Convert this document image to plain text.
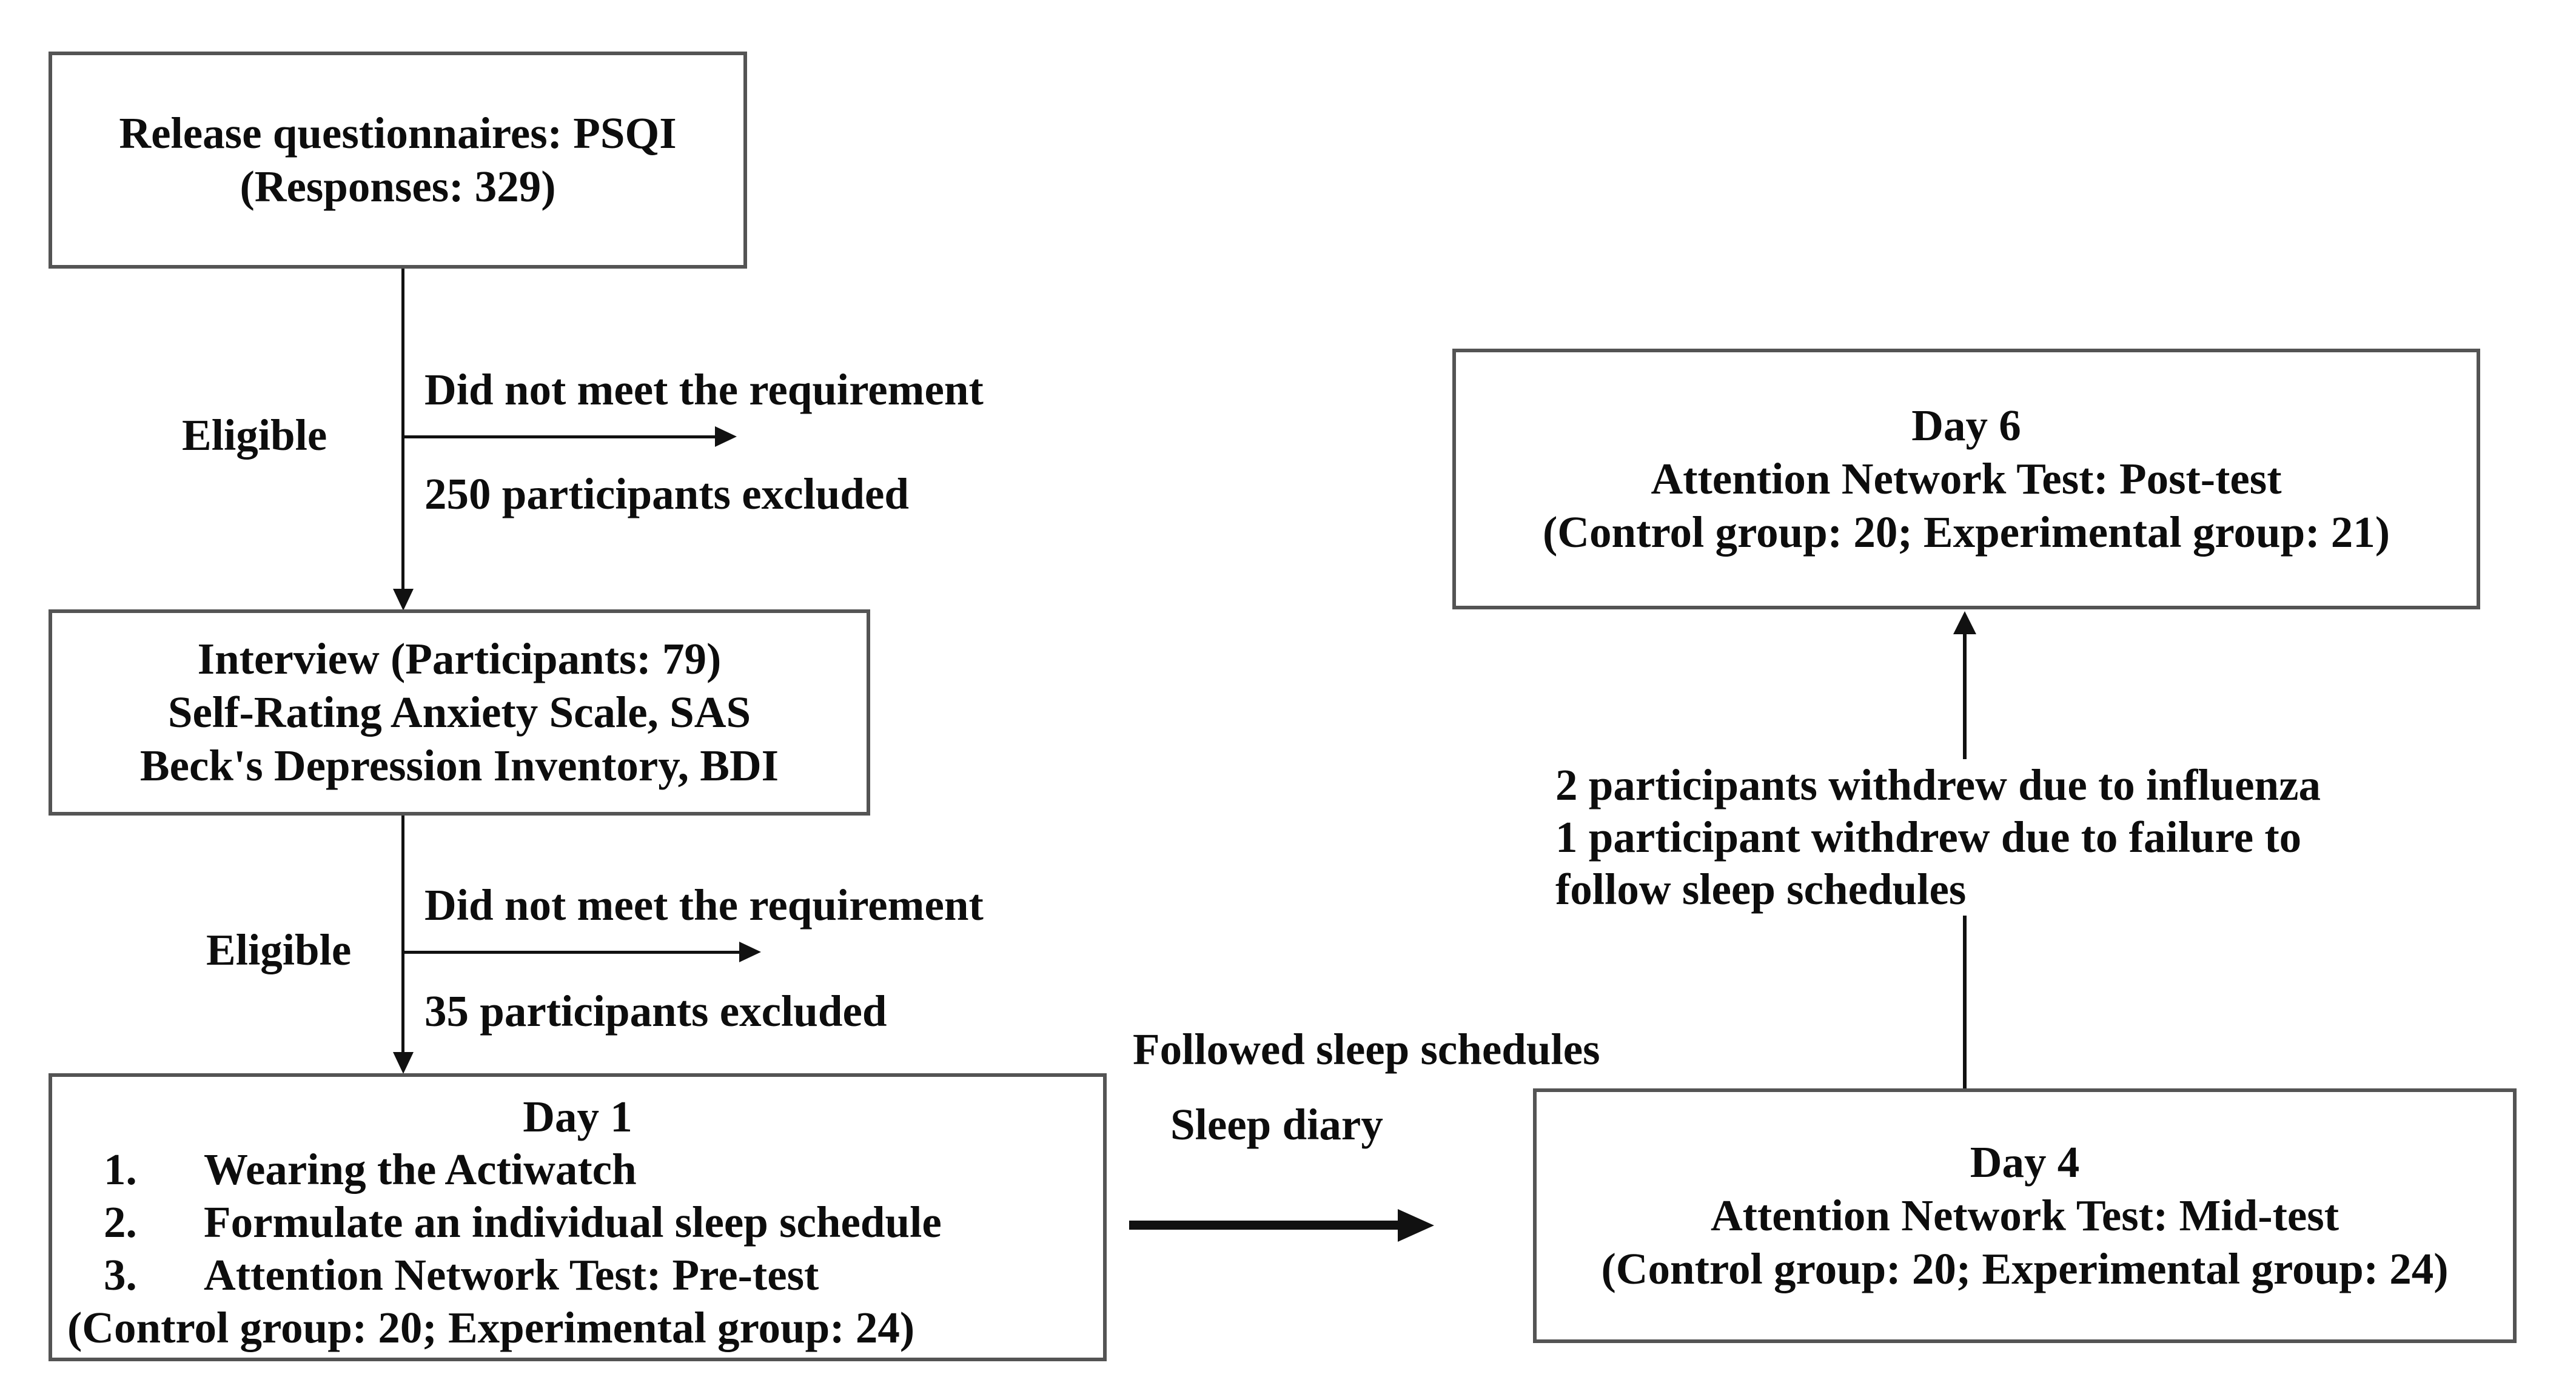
Release questionnaires: PSQI
(Responses: 329)
Did not meet the requirement
Eligible
250 participants excluded
Interview (Participants: 79)
Self-Rating Anxiety Scale, SAS
Beck's Depression Inventory, BDI
Did not meet the requirement
Eligible
35 participants excluded
Day 1
1.	Wearing the Actiwatch
2.	Formulate an individual sleep schedule
3.	Attention Network Test: Pre-test
(Control group: 20; Experimental group: 24)
Followed sleep schedules
Sleep diary
Day 4
Attention Network Test: Mid-test
(Control group: 20; Experimental group: 24)
2 participants withdrew due to influenza
1 participant withdrew due to failure to
follow sleep schedules
Day 6
Attention Network Test: Post-test
(Control group: 20; Experimental group: 21)
